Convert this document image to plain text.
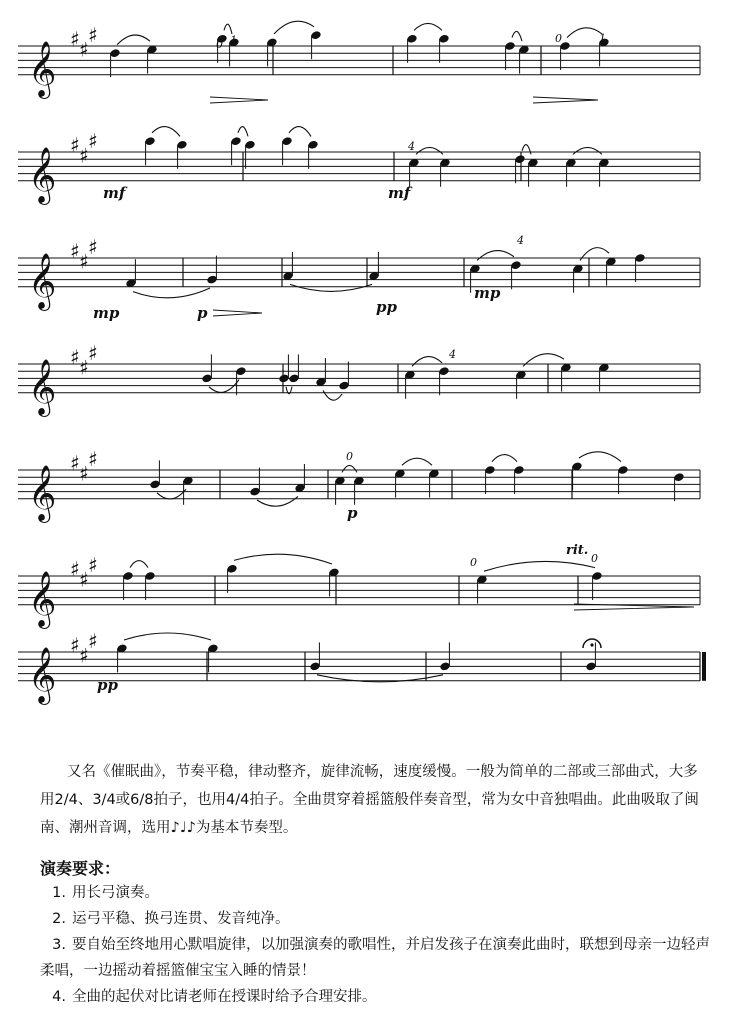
𝄞
♯ ♯
♯
𝄞
♯ ♯
♯
𝄞
♯ ♯
♯
𝄞
♯ ♯
♯
𝄞
♯ ♯
♯
𝄞
♯ ♯
♯
𝄞
♯ ♯
♯
mf	mf
mp	p	pp
mp
p
pp
0 1	0	1
4
4
4
0
0	0
rit.
又名《催眠曲》，节奏平稳，律动整齐，旋律流畅，速度缓慢。一般为简单的二部或三部曲式，大多用2/4、3/4或6/8拍子，也用4/4拍子。全曲贯穿着摇篮般伴奏音型，常为女中音独唱曲。此曲吸取了闽南、潮州音调，选用♪♩♪为基本节奏型。
演奏要求：
1. 用长弓演奏。
2. 运弓平稳、换弓连贯、发音纯净。
3. 要自始至终地用心默唱旋律，以加强演奏的歌唱性，并启发孩子在演奏此曲时，联想到母亲一边轻声柔唱，一边摇动着摇篮催宝宝入睡的情景！
4. 全曲的起伏对比请老师在授课时给予合理安排。
